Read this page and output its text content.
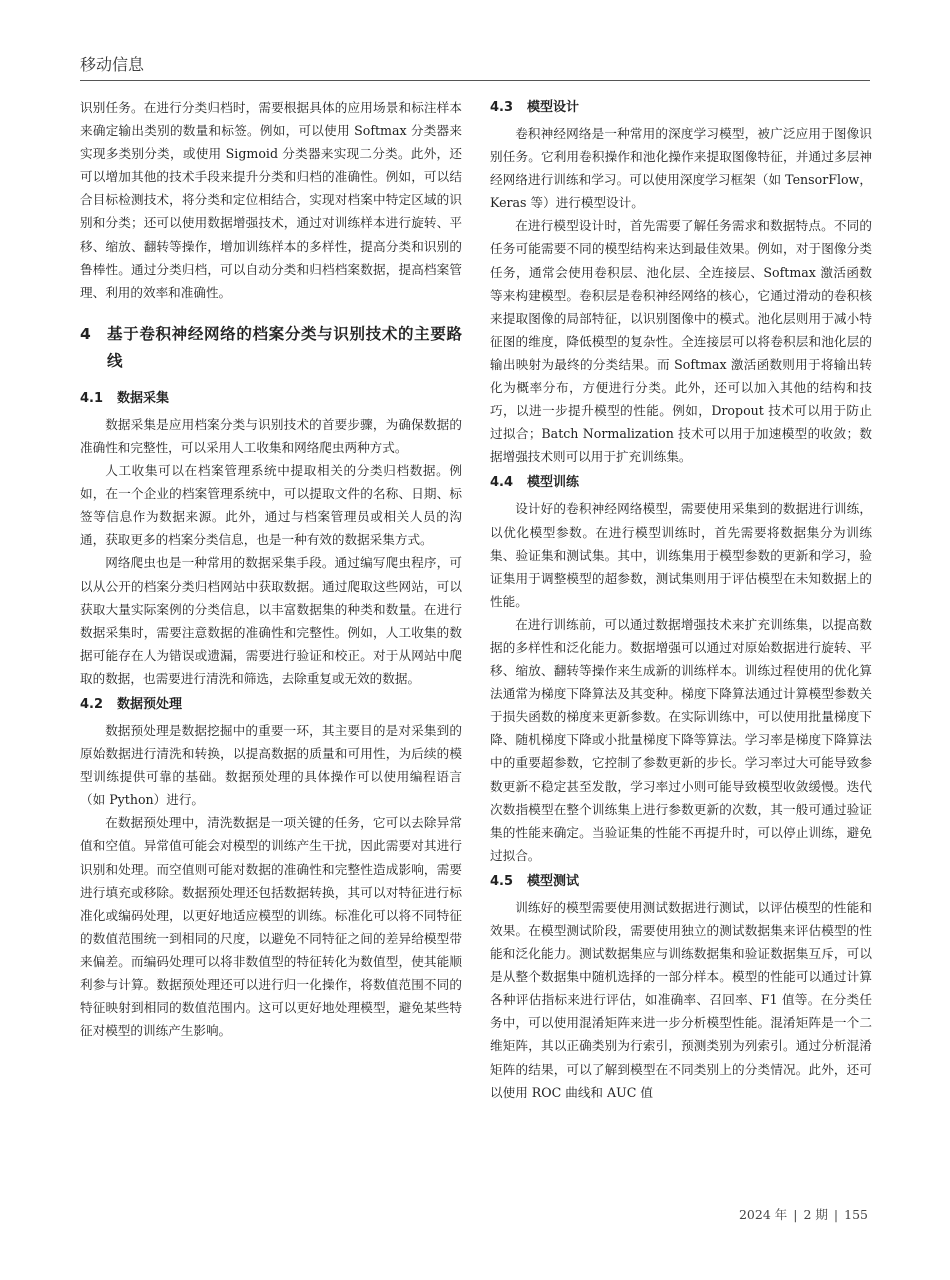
移动信息

识别任务。在进行分类归档时，需要根据具体的应用场景和标注样本来确定输出类别的数量和标签。例如，可以使用 Softmax 分类器来实现多类别分类，或使用 Sigmoid 分类器来实现二分类。此外，还可以增加其他的技术手段来提升分类和归档的准确性。例如，可以结合目标检测技术，将分类和定位相结合，实现对档案中特定区域的识别和分类；还可以使用数据增强技术，通过对训练样本进行旋转、平移、缩放、翻转等操作，增加训练样本的多样性，提高分类和识别的鲁棒性。通过分类归档，可以自动分类和归档档案数据，提高档案管理、利用的效率和准确性。

4 基于卷积神经网络的档案分类与识别技术的主要路线
4.1 数据采集

数据采集是应用档案分类与识别技术的首要步骤，为确保数据的准确性和完整性，可以采用人工收集和网络爬虫两种方式。

人工收集可以在档案管理系统中提取相关的分类归档数据。例如，在一个企业的档案管理系统中，可以提取文件的名称、日期、标签等信息作为数据来源。此外，通过与档案管理员或相关人员的沟通，获取更多的档案分类信息，也是一种有效的数据采集方式。

网络爬虫也是一种常用的数据采集手段。通过编写爬虫程序，可以从公开的档案分类归档网站中获取数据。通过爬取这些网站，可以获取大量实际案例的分类信息，以丰富数据集的种类和数量。在进行数据采集时，需要注意数据的准确性和完整性。例如，人工收集的数据可能存在人为错误或遗漏，需要进行验证和校正。对于从网站中爬取的数据，也需要进行清洗和筛选，去除重复或无效的数据。

4.2 数据预处理

数据预处理是数据挖掘中的重要一环，其主要目的是对采集到的原始数据进行清洗和转换，以提高数据的质量和可用性，为后续的模型训练提供可靠的基础。数据预处理的具体操作可以使用编程语言（如 Python）进行。

在数据预处理中，清洗数据是一项关键的任务，它可以去除异常值和空值。异常值可能会对模型的训练产生干扰，因此需要对其进行识别和处理。而空值则可能对数据的准确性和完整性造成影响，需要进行填充或移除。数据预处理还包括数据转换，其可以对特征进行标准化或编码处理，以更好地适应模型的训练。标准化可以将不同特征的数值范围统一到相同的尺度，以避免不同特征之间的差异给模型带来偏差。而编码处理可以将非数值型的特征转化为数值型，使其能顺利参与计算。数据预处理还可以进行归一化操作，将数值范围不同的特征映射到相同的数值范围内。这可以更好地处理模型，避免某些特征对模型的训练产生影响。

4.3 模型设计

卷积神经网络是一种常用的深度学习模型，被广泛应用于图像识别任务。它利用卷积操作和池化操作来提取图像特征，并通过多层神经网络进行训练和学习。可以使用深度学习框架（如 TensorFlow，Keras 等）进行模型设计。

在进行模型设计时，首先需要了解任务需求和数据特点。不同的任务可能需要不同的模型结构来达到最佳效果。例如，对于图像分类任务，通常会使用卷积层、池化层、全连接层、Softmax 激活函数等来构建模型。卷积层是卷积神经网络的核心，它通过滑动的卷积核来提取图像的局部特征，以识别图像中的模式。池化层则用于减小特征图的维度，降低模型的复杂性。全连接层可以将卷积层和池化层的输出映射为最终的分类结果。而 Softmax 激活函数则用于将输出转化为概率分布，方便进行分类。此外，还可以加入其他的结构和技巧，以进一步提升模型的性能。例如，Dropout 技术可以用于防止过拟合；Batch Normalization 技术可以用于加速模型的收敛；数据增强技术则可以用于扩充训练集。

4.4 模型训练

设计好的卷积神经网络模型，需要使用采集到的数据进行训练，以优化模型参数。在进行模型训练时，首先需要将数据集分为训练集、验证集和测试集。其中，训练集用于模型参数的更新和学习，验证集用于调整模型的超参数，测试集则用于评估模型在未知数据上的性能。

在进行训练前，可以通过数据增强技术来扩充训练集，以提高数据的多样性和泛化能力。数据增强可以通过对原始数据进行旋转、平移、缩放、翻转等操作来生成新的训练样本。训练过程使用的优化算法通常为梯度下降算法及其变种。梯度下降算法通过计算模型参数关于损失函数的梯度来更新参数。在实际训练中，可以使用批量梯度下降、随机梯度下降或小批量梯度下降等算法。学习率是梯度下降算法中的重要超参数，它控制了参数更新的步长。学习率过大可能导致参数更新不稳定甚至发散，学习率过小则可能导致模型收敛缓慢。迭代次数指模型在整个训练集上进行参数更新的次数，其一般可通过验证集的性能来确定。当验证集的性能不再提升时，可以停止训练，避免过拟合。

4.5 模型测试

训练好的模型需要使用测试数据进行测试，以评估模型的性能和效果。在模型测试阶段，需要使用独立的测试数据集来评估模型的性能和泛化能力。测试数据集应与训练数据集和验证数据集互斥，可以是从整个数据集中随机选择的一部分样本。模型的性能可以通过计算各种评估指标来进行评估，如准确率、召回率、F1 值等。在分类任务中，可以使用混淆矩阵来进一步分析模型性能。混淆矩阵是一个二维矩阵，其以正确类别为行索引，预测类别为列索引。通过分析混淆矩阵的结果，可以了解到模型在不同类别上的分类情况。此外，还可以使用 ROC 曲线和 AUC 值

2024 年 | 2 期 | 155
